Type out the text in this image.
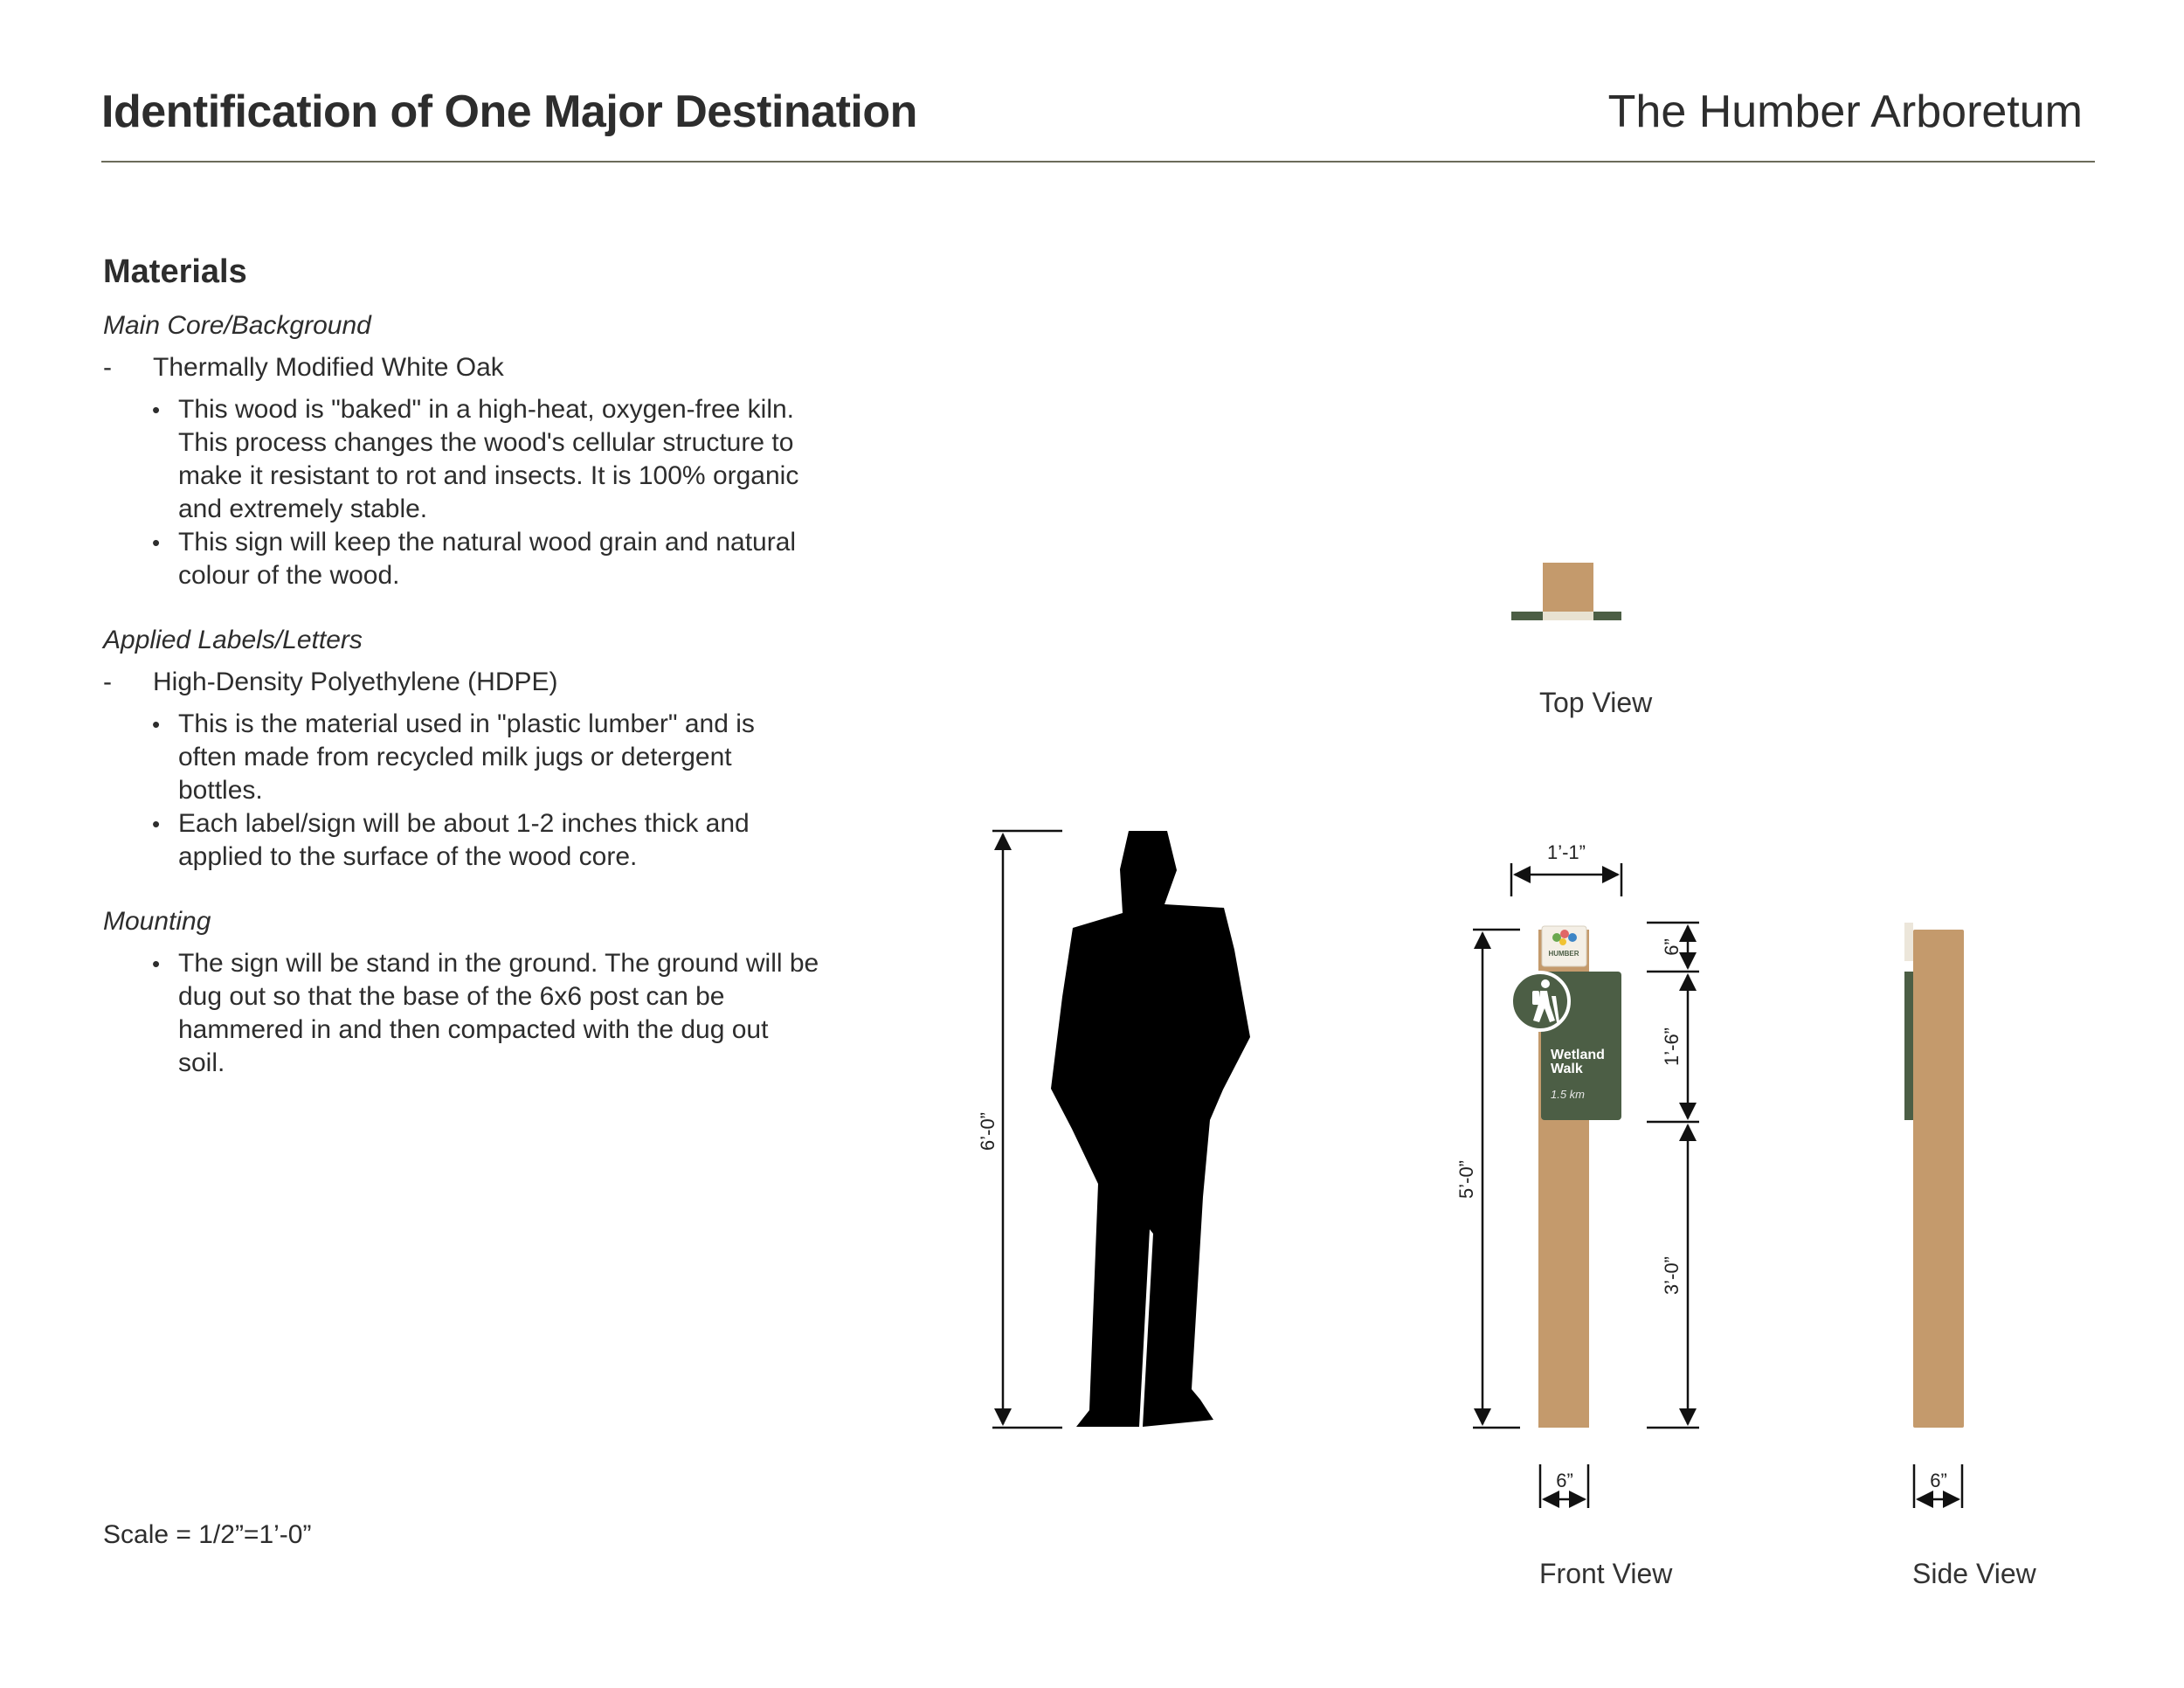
Identification of One Major Destination	The Humber Arboretum
Materials
Main Core/Background
-	Thermally Modified White Oak
• This wood is "baked" in a high-heat, oxygen-free kiln. This process changes the wood's cellular structure to make it resistant to rot and insects. It is 100% organic and extremely stable.
• This sign will keep the natural wood grain and natural colour of the wood.
Applied Labels/Letters
-	High-Density Polyethylene (HDPE)
• This is the material used in "plastic lumber" and is often made from recycled milk jugs or detergent bottles.
• Each label/sign will be about 1-2 inches thick and applied to the surface of the wood core.
Mounting
• The sign will be stand in the ground. The ground will be dug out so that the base of the 6x6 post can be hammered in and then compacted with the dug out soil.
Scale = 1/2”=1’-0”
Top View
6’-0”
HUMBER
Wetland Walk
1.5 km
1’-1”
5’-0”
6”
1’-6”
3’-0”
6”
Front View
6”
Side View
